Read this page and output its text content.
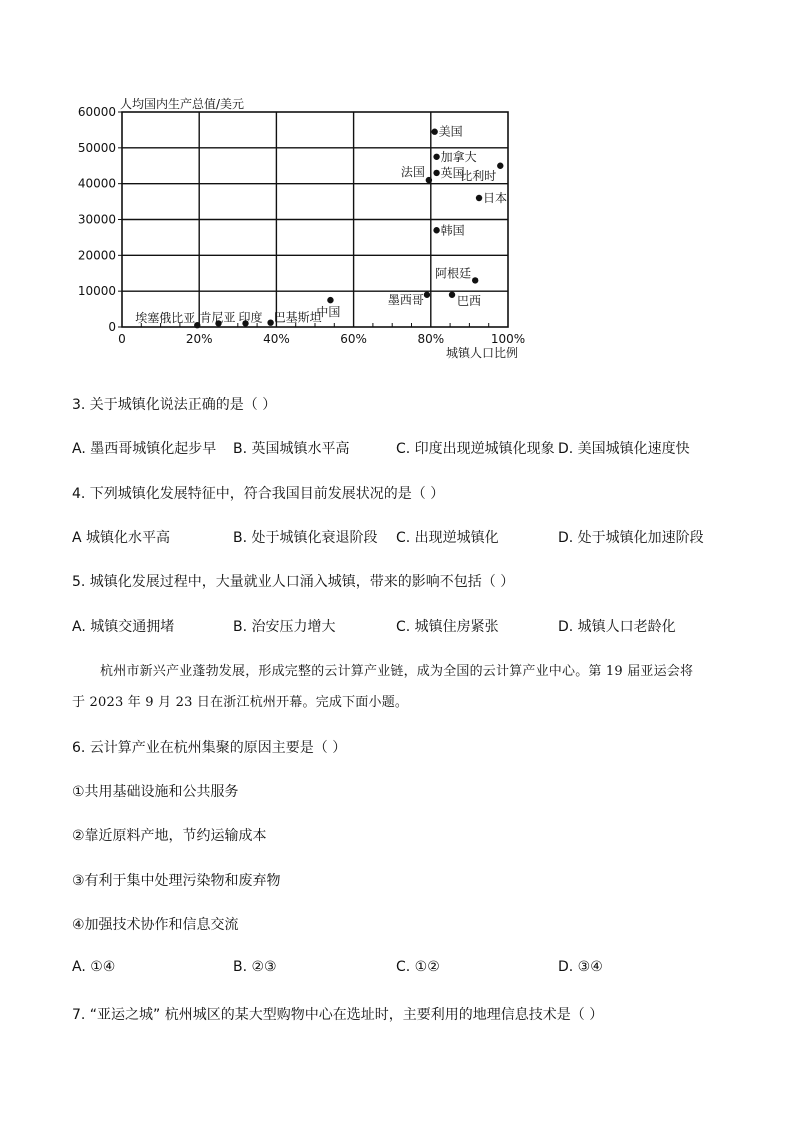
0	20%	40%	60%	80%	100%
0
10000
20000
30000
40000
50000
60000
美国
加拿大
英国
法国	比利时
日本
韩国
阿根廷
墨西哥	巴西
中国
巴基斯坦
印度
肯尼亚
埃塞俄比亚
人均国内生产总值/美元
城镇人口比例
3. 关于城镇化说法正确的是（ ）
A. 墨西哥城镇化起步早 B. 英国城镇水平高	C. 印度出现逆城镇化现象 D. 美国城镇化速度快
4. 下列城镇化发展特征中，符合我国目前发展状况的是（ ）
A 城镇化水平高	B. 处于城镇化衰退阶段 C. 出现逆城镇化	D. 处于城镇化加速阶段
5. 城镇化发展过程中，大量就业人口涌入城镇，带来的影响不包括（ ）
A. 城镇交通拥堵	B. 治安压力增大	C. 城镇住房紧张	D. 城镇人口老龄化
杭州市新兴产业蓬勃发展，形成完整的云计算产业链，成为全国的云计算产业中心。第 19 届亚运会将
于 2023 年 9 月 23 日在浙江杭州开幕。完成下面小题。
6. 云计算产业在杭州集聚的原因主要是（ ）
①共用基础设施和公共服务
②靠近原料产地，节约运输成本
③有利于集中处理污染物和废弃物
④加强技术协作和信息交流
A. ①④	B. ②③	C. ①②	D. ③④
7. “亚运之城” 杭州城区的某大型购物中心在选址时，主要利用的地理信息技术是（ ）
